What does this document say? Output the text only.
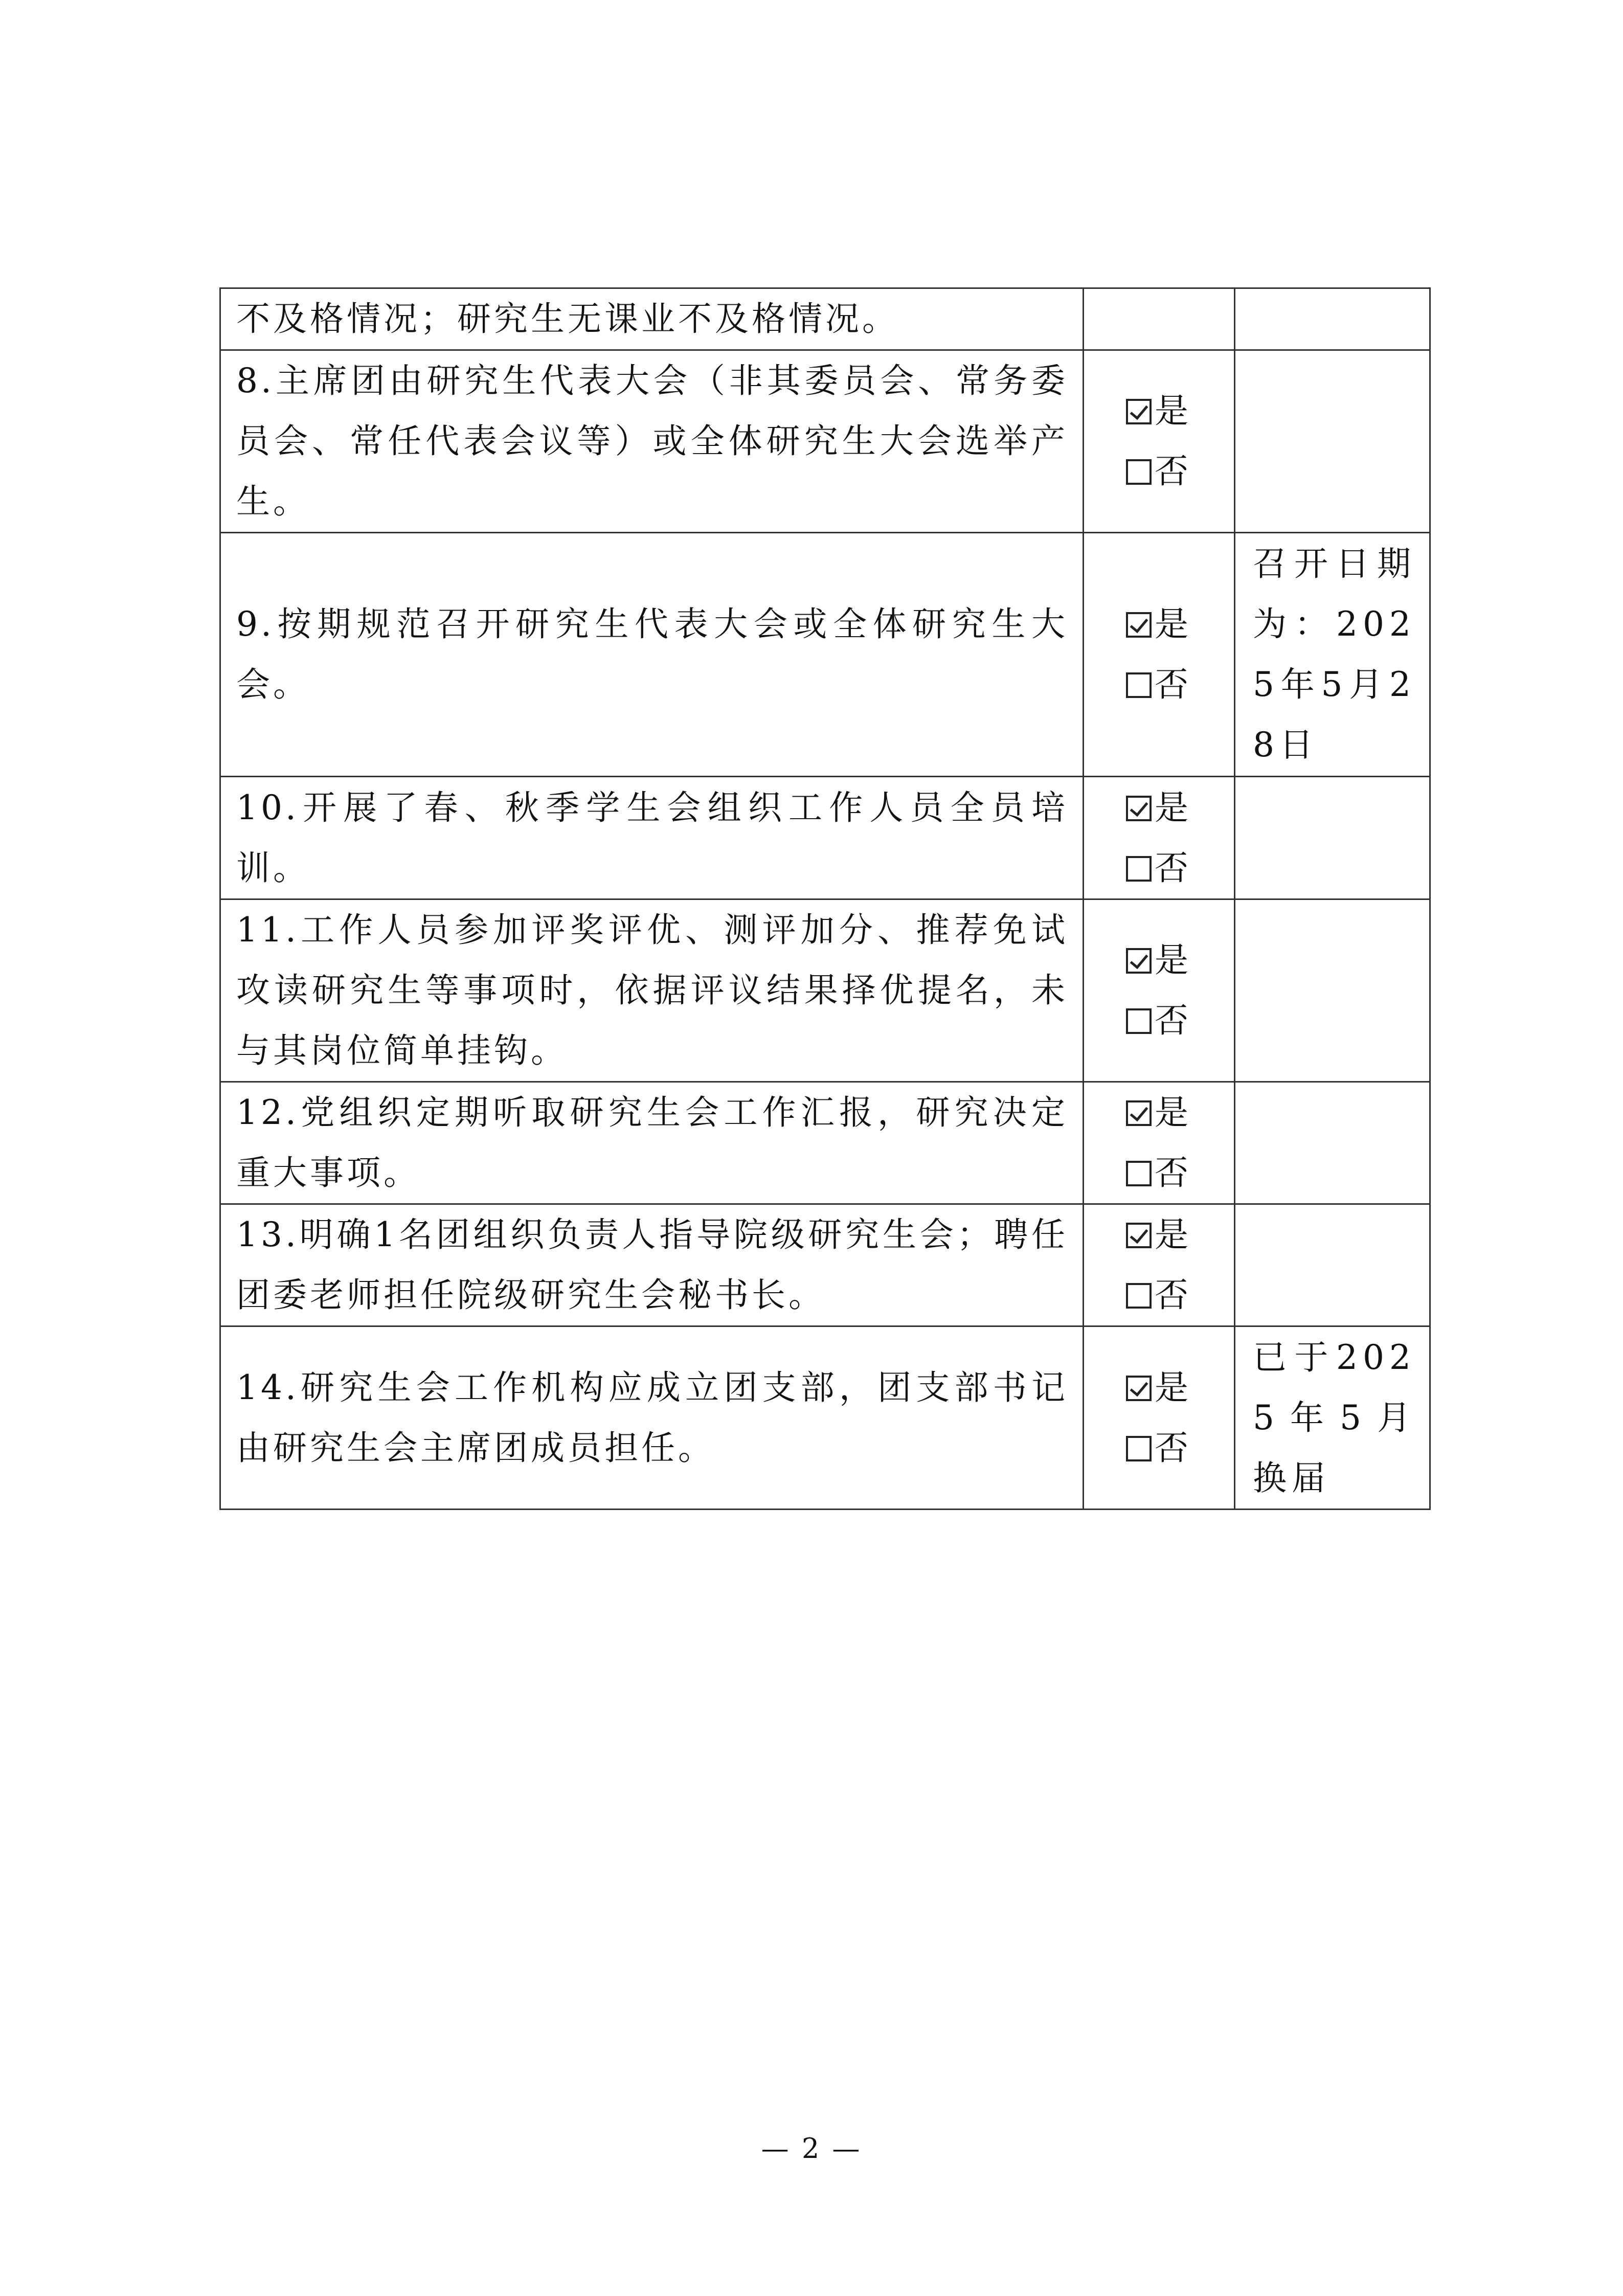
不及格情况；研究生无课业不及格情况。		
8.主席团由研究生代表大会（非其委员会、常务委员会、常任代表会议等）或全体研究生大会选举产生。	是
否	

9.按期规范召开研究生代表大会或全体研究生大会。	是
否	召开日期为：2025年5月28日
10.开展了春、秋季学生会组织工作人员全员培训。	是
否	

11.工作人员参加评奖评优、测评加分、推荐免试攻读研究生等事项时，依据评议结果择优提名，未与其岗位简单挂钩。	是
否	

12.党组织定期听取研究生会工作汇报，研究决定重大事项。	是
否	

13.明确1名团组织负责人指导院级研究生会；聘任团委老师担任院级研究生会秘书长。	是
否	

14.研究生会工作机构应成立团支部，团支部书记由研究生会主席团成员担任。	是
否	已于2025年5月换届
— 2 —
